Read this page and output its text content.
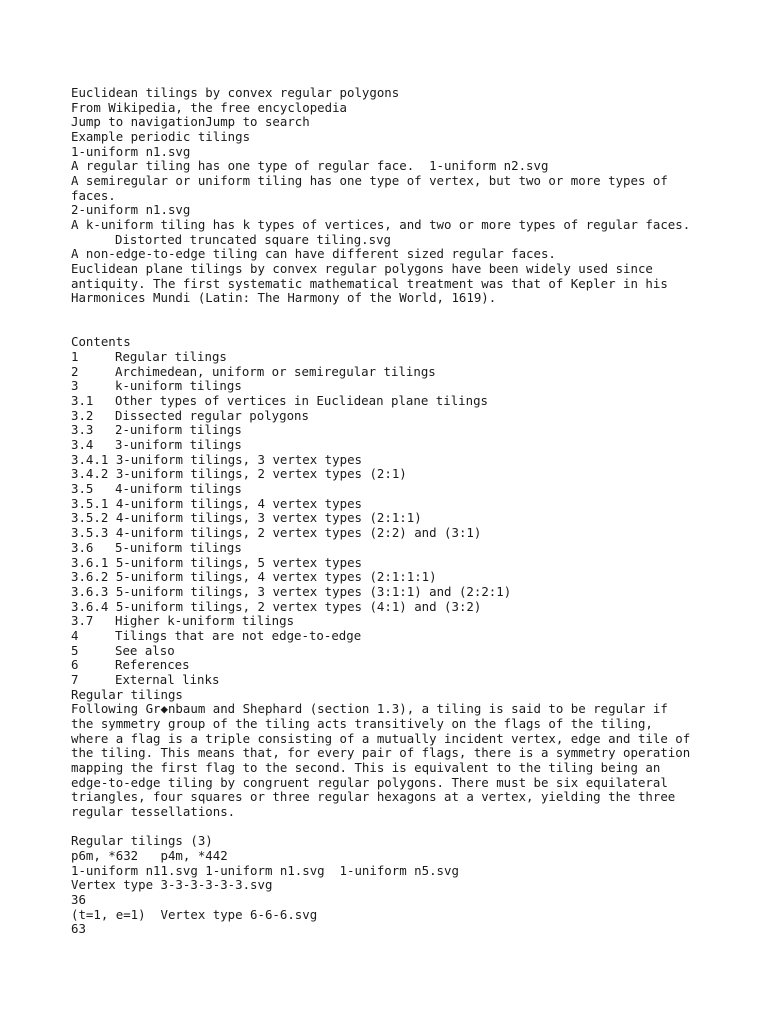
Euclidean tilings by convex regular polygons
From Wikipedia, the free encyclopedia
Jump to navigationJump to search
Example periodic tilings
1-uniform n1.svg
A regular tiling has one type of regular face.  1-uniform n2.svg
A semiregular or uniform tiling has one type of vertex, but two or more types of
faces.
2-uniform n1.svg
A k-uniform tiling has k types of vertices, and two or more types of regular faces.
Distorted truncated square tiling.svg
A non-edge-to-edge tiling can have different sized regular faces.
Euclidean plane tilings by convex regular polygons have been widely used since
antiquity. The first systematic mathematical treatment was that of Kepler in his
Harmonices Mundi (Latin: The Harmony of the World, 1619).
Contents
1	Regular tilings
2	Archimedean, uniform or semiregular tilings
3	k-uniform tilings
3.1	Other types of vertices in Euclidean plane tilings
3.2	Dissected regular polygons
3.3	2-uniform tilings
3.4	3-uniform tilings
3.4.1 3-uniform tilings, 3 vertex types
3.4.2 3-uniform tilings, 2 vertex types (2:1)
3.5	4-uniform tilings
3.5.1 4-uniform tilings, 4 vertex types
3.5.2 4-uniform tilings, 3 vertex types (2:1:1)
3.5.3 4-uniform tilings, 2 vertex types (2:2) and (3:1)
3.6	5-uniform tilings
3.6.1 5-uniform tilings, 5 vertex types
3.6.2 5-uniform tilings, 4 vertex types (2:1:1:1)
3.6.3 5-uniform tilings, 3 vertex types (3:1:1) and (2:2:1)
3.6.4 5-uniform tilings, 2 vertex types (4:1) and (3:2)
3.7	Higher k-uniform tilings
4	Tilings that are not edge-to-edge
5	See also
6	References
7	External links
Regular tilings
Following Gr◆nbaum and Shephard (section 1.3), a tiling is said to be regular if
the symmetry group of the tiling acts transitively on the flags of the tiling,
where a flag is a triple consisting of a mutually incident vertex, edge and tile of
the tiling. This means that, for every pair of flags, there is a symmetry operation
mapping the first flag to the second. This is equivalent to the tiling being an
edge-to-edge tiling by congruent regular polygons. There must be six equilateral
triangles, four squares or three regular hexagons at a vertex, yielding the three
regular tessellations.
Regular tilings (3)
p6m, *632   p4m, *442
1-uniform n11.svg 1-uniform n1.svg  1-uniform n5.svg
Vertex type 3-3-3-3-3-3.svg
36
(t=1, e=1)  Vertex type 6-6-6.svg
63
